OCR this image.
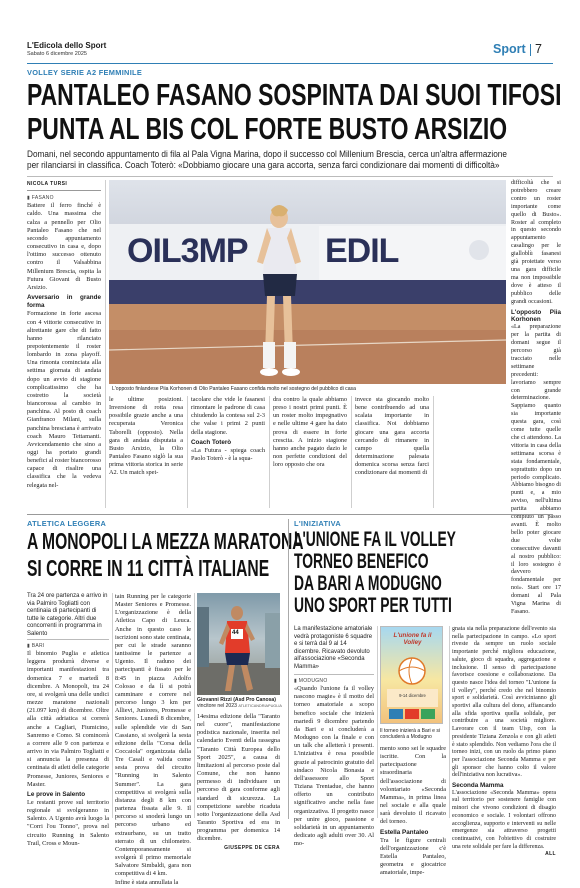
L'Edicola dello Sport
Sabato 6 dicembre 2025	Sport 7
VOLLEY SERIE A2 FEMMINILE
PANTALEO FASANO SOSPINTA DAI SUOI TIFOSI
PUNTA AL BIS COL FORTE BUSTO ARSIZIO
Domani, nel secondo appuntamento di fila al Pala Vigna Marina, dopo il successo col Millenium Brescia, cerca un'altra affermazione
per rilanciarsi in classifica. Coach Toterò: «Dobbiamo giocare una gara accorta, senza farci condizionare dai momenti di difficoltà»
NICOLA TURSI
▮ FASANO

Battere il ferro finché è caldo. Una massima che calza a pennello per Olio Pantaleo Fasano che nel secondo appuntamento consecutivo in casa e, dopo l'ottimo successo ottenuto contro il Valsabbina Millenium Brescia, ospita la Futura Giovani di Busto Arsizio.

Avversario in grande forma

Formazione in forte ascesa con 4 vittorie consecutive in altrettante gare che di fatto hanno rilanciato prepotentemente il roster lombardo in zona playoff. Una rimonta cominciata alla settima giornata di andata dopo un avvio di stagione complicatissimo che ha costretto la società biancorossa al cambio in panchina. Al posto di coach Gianfranco Milani, sulla panchina bresciana è arrivato coach Mauro Tettamanti. Avvicendamento che sino a oggi ha portato grandi benefici al roster biancorosso capace di risalire una classifica che la vedeva relegata nel-

OIL3MP EDIL
L'opposto finlandese Piia Korhonen di Olio Pantaleo Fasano confida molto nel sostegno del pubblico di casa

le ultime posizioni. Inversione di rotta resa possibile grazie anche a una recuperata Veronica Taborelli (opposto). Nella gara di andata disputata a Busto Arsizio, la Olio Pantaleo Fasano siglò la sua prima vittoria storica in serie A2. Un match spet-

tacolare che vide le fasanesi rimontare le padrone di casa chiudendo la contesa sul 2-3 che valse i primi 2 punti della stagione.

Coach Toterò

«La Futura - spiega coach Paolo Toterò - è la squa-

dra contro la quale abbiamo preso i nostri primi punti. È un roster molto impegnativo e nelle ultime 4 gare ha dato prova di essere in forte crescita. A inizio stagione hanno anche pagato dazio le non perfette condizioni del loro opposto che ora

invece sta giocando molto bene contribuendo ad una scalata importante in classifica. Noi dobbiamo giocare una gara accorta cercando di rimanere in campo quella determinazione palesata domenica scorsa senza farci condizionare dai momenti di

difficoltà che si potrebbero creare contro un roster importante come quello di Busto». Roster al completo in questo secondo appuntamento casalingo per le gialloblù fasanesi già proiettate verso una gara difficile ma non impossibile dove è atteso il pubblico delle grandi occasioni.

L'opposto Piia Korhonen

«La preparazione per la partita di domani segue il percorso già tracciato nelle settimane precedenti: lavoriamo sempre con grande determinazione. Sappiamo quanto sia importante questa gara, così come tutte quelle che ci attendono. La vittoria in casa della settimana scorsa è stata fondamentale, soprattutto dopo un periodo complicato. Abbiamo bisogno di punti e, a mio avviso, nell'ultima partita abbiamo compiuto un passo avanti. È molto bello poter giocare due volte consecutive davanti al nostro pubblico: il loro sostegno è davvero fondamentale per noi». Start ore 17 domani al Pala Vigna Marina di Fasano.

ATLETICA LEGGERA
A MONOPOLI LA MEZZA MARATONA
SI CORRE IN 11 CITTÀ ITALIANE
Tra 24 ore partenza e arrivo in via Palmiro Togliatti con centinaia di partecipanti di tutte le categorie. Altri due concorrenti in programma in Salento
▮ BARI

Il binomio Puglia e atletica leggera produrrà diverse e importanti manifestazioni tra domenica 7 e martedì 8 dicembre. A Monopoli, tra 24 ore, si svolgerà una delle undici mezze maratone nazionali (21.097 km) di dicembre. Oltre alla città adriatica si correrà anche a Cagliari, Fiumicino, Sanremo e Como. Si comincerà a correre alle 9 con partenza e arrivo in via Palmiro Togliatti e si annuncia la presenza di centinaia di atleti delle categorie Promesse, Juniores, Seniores e Master.

Le prove in Salento

Le restanti prove sul territorio regionale si svolgeranno in Salento. A Ugento avrà luogo la "Corri l'ou Tonno", prova nel circuito Running in Salento Trail, Cross e Moun-

tain Running per le categorie Master Seniores e Promesse. L'organizzazione è della Atletica Capo di Leuca. Anche in questo caso le iscrizioni sono state centinaia, per cui le strade saranno tantissime le partenze a Ugento. Il raduno dei partecipanti è fissato per le 8:45 in piazza Adolfo Colosso e da lì si potrà camminare e correre nel percorso lungo 3 km per Allievi, Juniores, Promesse e Seniores. Lunedì 8 dicembre, sulle splendide vie di San Cassiano, si svolgerà la sesta edizione della "Corsa della Coccaiola" organizzata dalla Tre Casali e valida come sesta prova del circuito "Running in Salento Summer". La gara competitiva si svolgerà sulla distanza degli 8 km con partenza fissata alle 9. Il percorso si snoderà lungo un percorso urbano ed extraurbano, su un tratto sterrato di un chilometro. Contemporaneamente si svolgerà il primo memoriale Salvatore Simbaldi, gara non competitiva di 4 km.

Infine è stata annullata la

44
Giovanni Rizzi (Asd Pro Canosa)
vincitore nel 2023 ATLETICANDRIAPUGLIA

14esima edizione della "Taranto nel cuore", manifestazione podistica nazionale, inserita nel calendario Eventi della rassegna "Taranto Città Europea dello Sport 2025", a causa di limitazioni al percorso poste dal Comune, che non hanno permesso di individuare un percorso di gara conforme agli standard di sicurezza. La competizione sarebbe ricaduta sotto l'organizzazione della Asd Taranto Sportiva ed era in programma per domenica 14 dicembre.

GIUSEPPE DE CERA
L'INIZIATIVA
L'UNIONE FA IL VOLLEY
TORNEO BENEFICO
DA BARI A MODUGNO
UNO SPORT PER TUTTI
La manifestazione amatoriale vedrà protagoniste 6 squadre e si terrà dal 9 al 14 dicembre. Ricavato devoluto all'associazione «Seconda Mamma»
▮ MODUGNO

«Quando l'unione fa il volley nascono magie» è il motto del torneo amatoriale a scopo benefico sociale che inizierà martedì 9 dicembre partendo da Bari e si concluderà a Modugno con la finale e con un talk che alletterà i presenti. L'iniziativa è resa possibile grazie al patrocinio gratuito del sindaco Nicola Bonasia e dell'assessore allo Sport Tiziana Trentadue, che hanno offerto un contributo significativo anche nella fase organizzativa. Il progetto nasce per unire gioco, passione e solidarietà in un appuntamento dedicato agli adulti over 30. Al mo-

L'unione fa il Volley
9-14 dicembre
Il torneo inizierà a Bari e si concluderà a Modugno

mento sono sei le squadre iscritte. Con la partecipazione straordinaria dell'associazione di volontariato «Seconda Mamma», in prima linea nel sociale e alla quale sarà devoluto il ricavato del torneo.

Estella Pantaleo

Tra le figure centrali dell'organizzazione c'è Estella Pantaleo, geometra e giocatrice amatoriale, impe-

gnata sia nella preparazione dell'evento sia nella partecipazione in campo. «Lo sport riveste da sempre un ruolo sociale importante perché migliora educazione, salute, gioco di squadra, aggregazione e inclusione. Il senso di partecipazione favorisce coesione e collaborazione. Da questo nasce l'idea del torneo "L'unione fa il volley", perché credo che nel binomio sport e solidarietà. Così avvicinianno gli sportivi alla cultura del dono, affiancando alla sfida sportiva quella solidale, per contribuire a una società migliore. Lavorare con il team Uisp, con la presidente Tiziana Zenzola e con gli atleti è stato splendido. Non vediamo l'ora che il torneo inizi, con un ruolo da primo piano per l'associazione Seconda Mamma e per gli sponsor che hanno colto il valore dell'iniziativa non lucrativa».

Seconda Mamma

L'associazione «Seconda Mamma» opera sul territorio per sostenere famiglie con minori che vivono condizioni di disagio economico e sociale. I volontari offrono accoglienza, supporto e interventi su nelle emergenze sia attraverso progetti continuativi, con l'obiettivo di costruire una rete solidale per fare la differenza.

ALL
